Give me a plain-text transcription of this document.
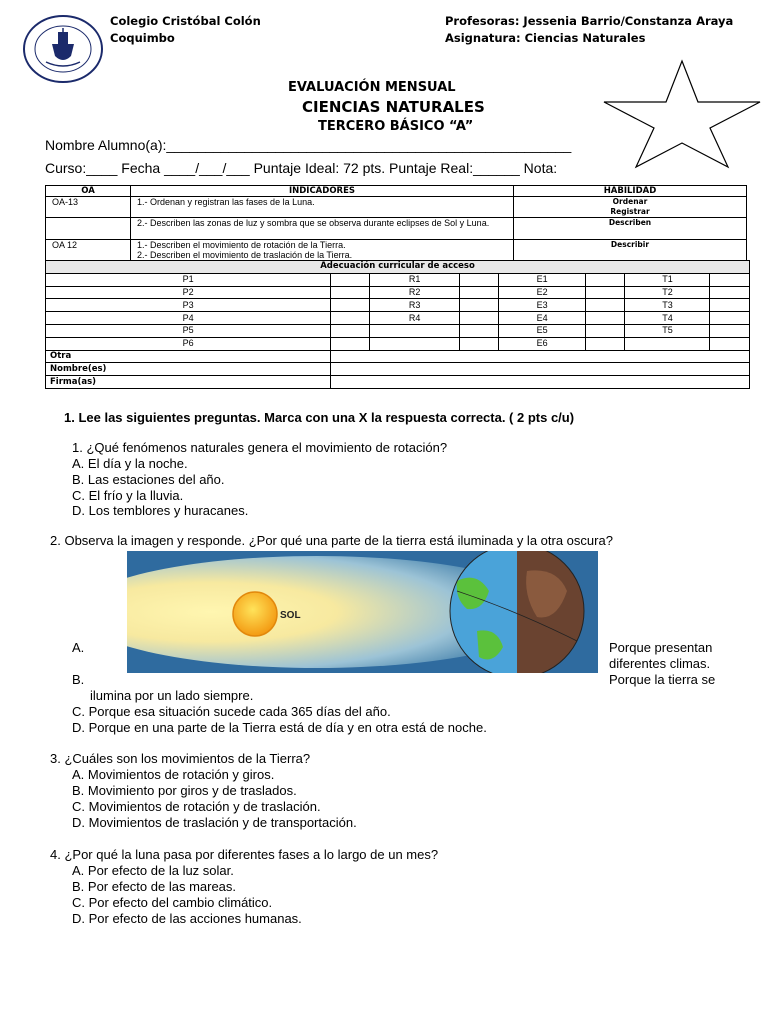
Colegio Cristóbal Colón
Coquimbo
Profesoras: Jessenia Barrio/Constanza Araya
Asignatura: Ciencias Naturales
EVALUACIÓN MENSUAL
CIENCIAS NATURALES
TERCERO BÁSICO “A”
Nombre Alumno(a):____________________________________________________
Curso:____ Fecha ____/___/___ Puntaje Ideal: 72 pts. Puntaje Real:______ Nota:
OA	INDICADORES	HABILIDAD
OA-13	1.- Ordenan y registran las fases de la Luna.	Ordenar
Registrar

	2.- Describen las zonas de luz y sombra que se observa durante eclipses de Sol y Luna.	Describen
OA 12	1.- Describen el movimiento de rotación de la Tierra.
2.- Describen el movimiento de traslación de la Tierra.	Describir
Adecuación curricular de acceso							
P1		R1		E1		T1	
P2		R2		E2		T2	
P3		R3		E3		T3	
P4		R4		E4		T4	
P5				E5		T5	
P6				E6			
Otra							
Nombre(es)							
Firma(as)							
1. Lee las siguientes preguntas. Marca con una X la respuesta correcta. ( 2 pts c/u)
1. ¿Qué fenómenos naturales genera el movimiento de rotación?
A. El día y la noche.
B. Las estaciones del año.
C. El frío y la lluvia.
D. Los temblores y huracanes.
2. Observa la imagen y responde. ¿Por qué una parte de la tierra está iluminada y la otra oscura?
SOL
A.	Porque presentan
diferentes climas.
B.	Porque la tierra se
ilumina por un lado siempre.
C. Porque esa situación sucede cada 365 días del año.
D. Porque en una parte de la Tierra está de día y en otra está de noche.
3. ¿Cuáles son los movimientos de la Tierra?
A. Movimientos de rotación y giros.
B. Movimiento por giros y de traslados.
C. Movimientos de rotación y de traslación.
D. Movimientos de traslación y de transportación.
4. ¿Por qué la luna pasa por diferentes fases a lo largo de un mes?
A. Por efecto de la luz solar.
B. Por efecto de las mareas.
C. Por efecto del cambio climático.
D. Por efecto de las acciones humanas.
